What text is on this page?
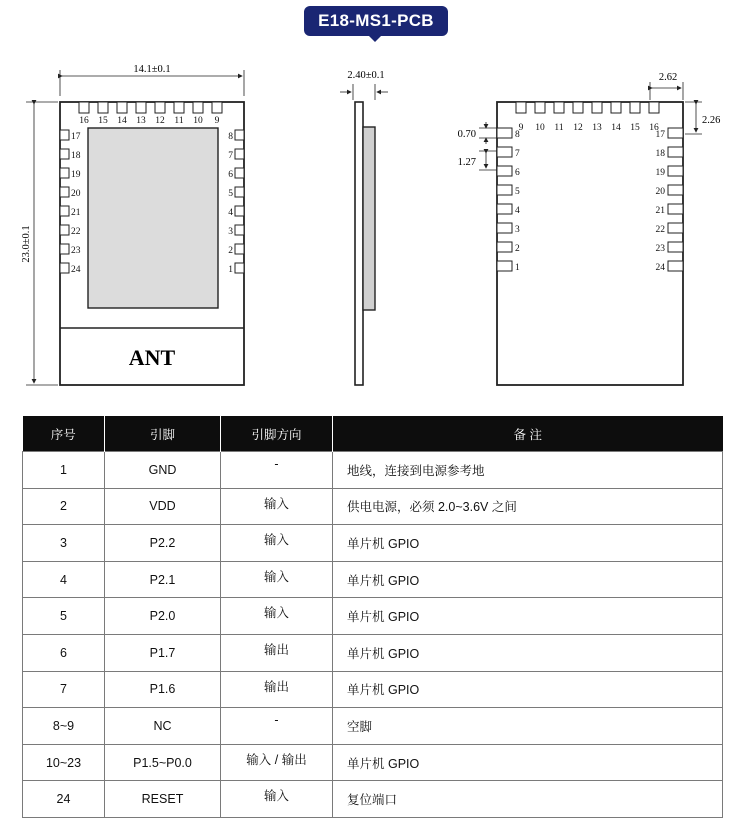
E18-MS1-PCB
16 15 14 13 12 11 10 9
17
18
19
20
21
22
23
24
8
7
6
5
4
3
2
1
14.1±0.1
23.0±0.1
ANT
2.40±0.1
9 10 11 12 13 14 15 16
8
7
6
5
4
3
2
1
17
18
19
20
21
22
23
24
2.62
2.26
0.70
1.27
序号	引脚	引脚方向	备 注
1	GND	-	地线，连接到电源参考地
2	VDD	输入	供电电源，必须 2.0~3.6V 之间
3	P2.2	输入	单片机 GPIO
4	P2.1	输入	单片机 GPIO
5	P2.0	输入	单片机 GPIO
6	P1.7	输出	单片机 GPIO
7	P1.6	输出	单片机 GPIO
8~9	NC	-	空脚
10~23	P1.5~P0.0	输入 / 输出	单片机 GPIO
24	RESET	输入	复位端口
